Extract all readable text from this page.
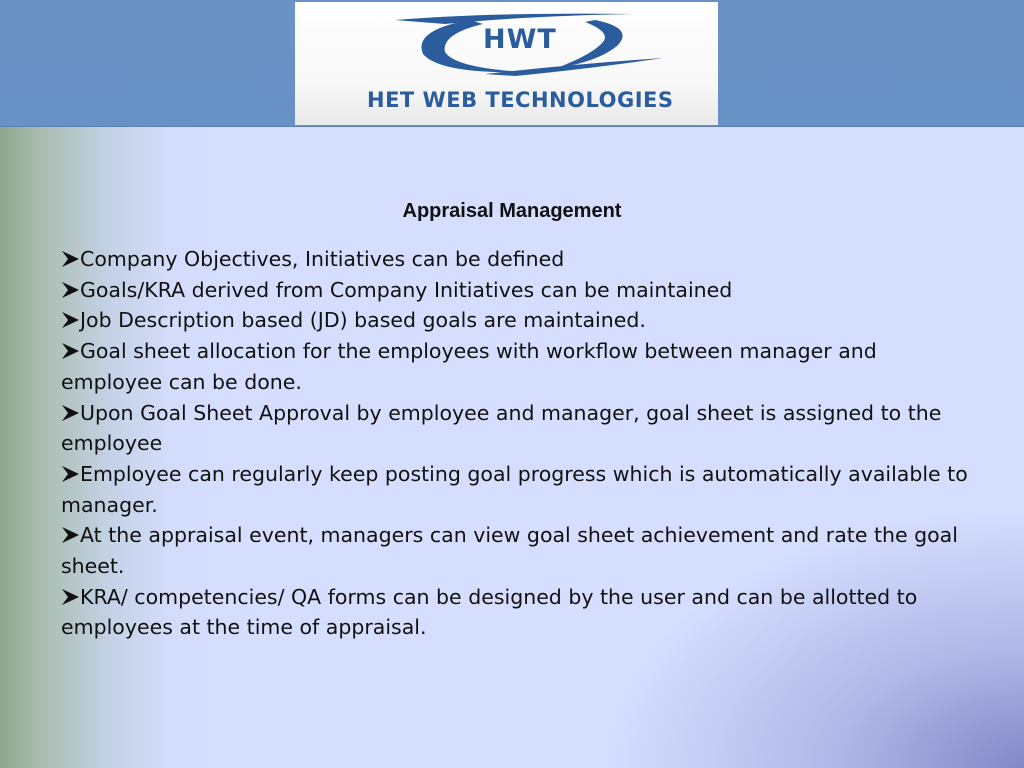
HWT
HET WEB TECHNOLOGIES
Appraisal Management
Company Objectives, Initiatives can be defined
Goals/KRA derived from Company Initiatives can be maintained
Job Description based (JD) based goals are maintained.
Goal sheet allocation for the employees with workflow between manager and employee can be done.
Upon Goal Sheet Approval by employee and manager, goal sheet is assigned to the employee
Employee can regularly keep posting goal progress which is automatically available to manager.
At the appraisal event, managers can view goal sheet achievement and rate the goal sheet.
KRA/ competencies/ QA forms can be designed by the user and can be allotted to employees at the time of appraisal.
